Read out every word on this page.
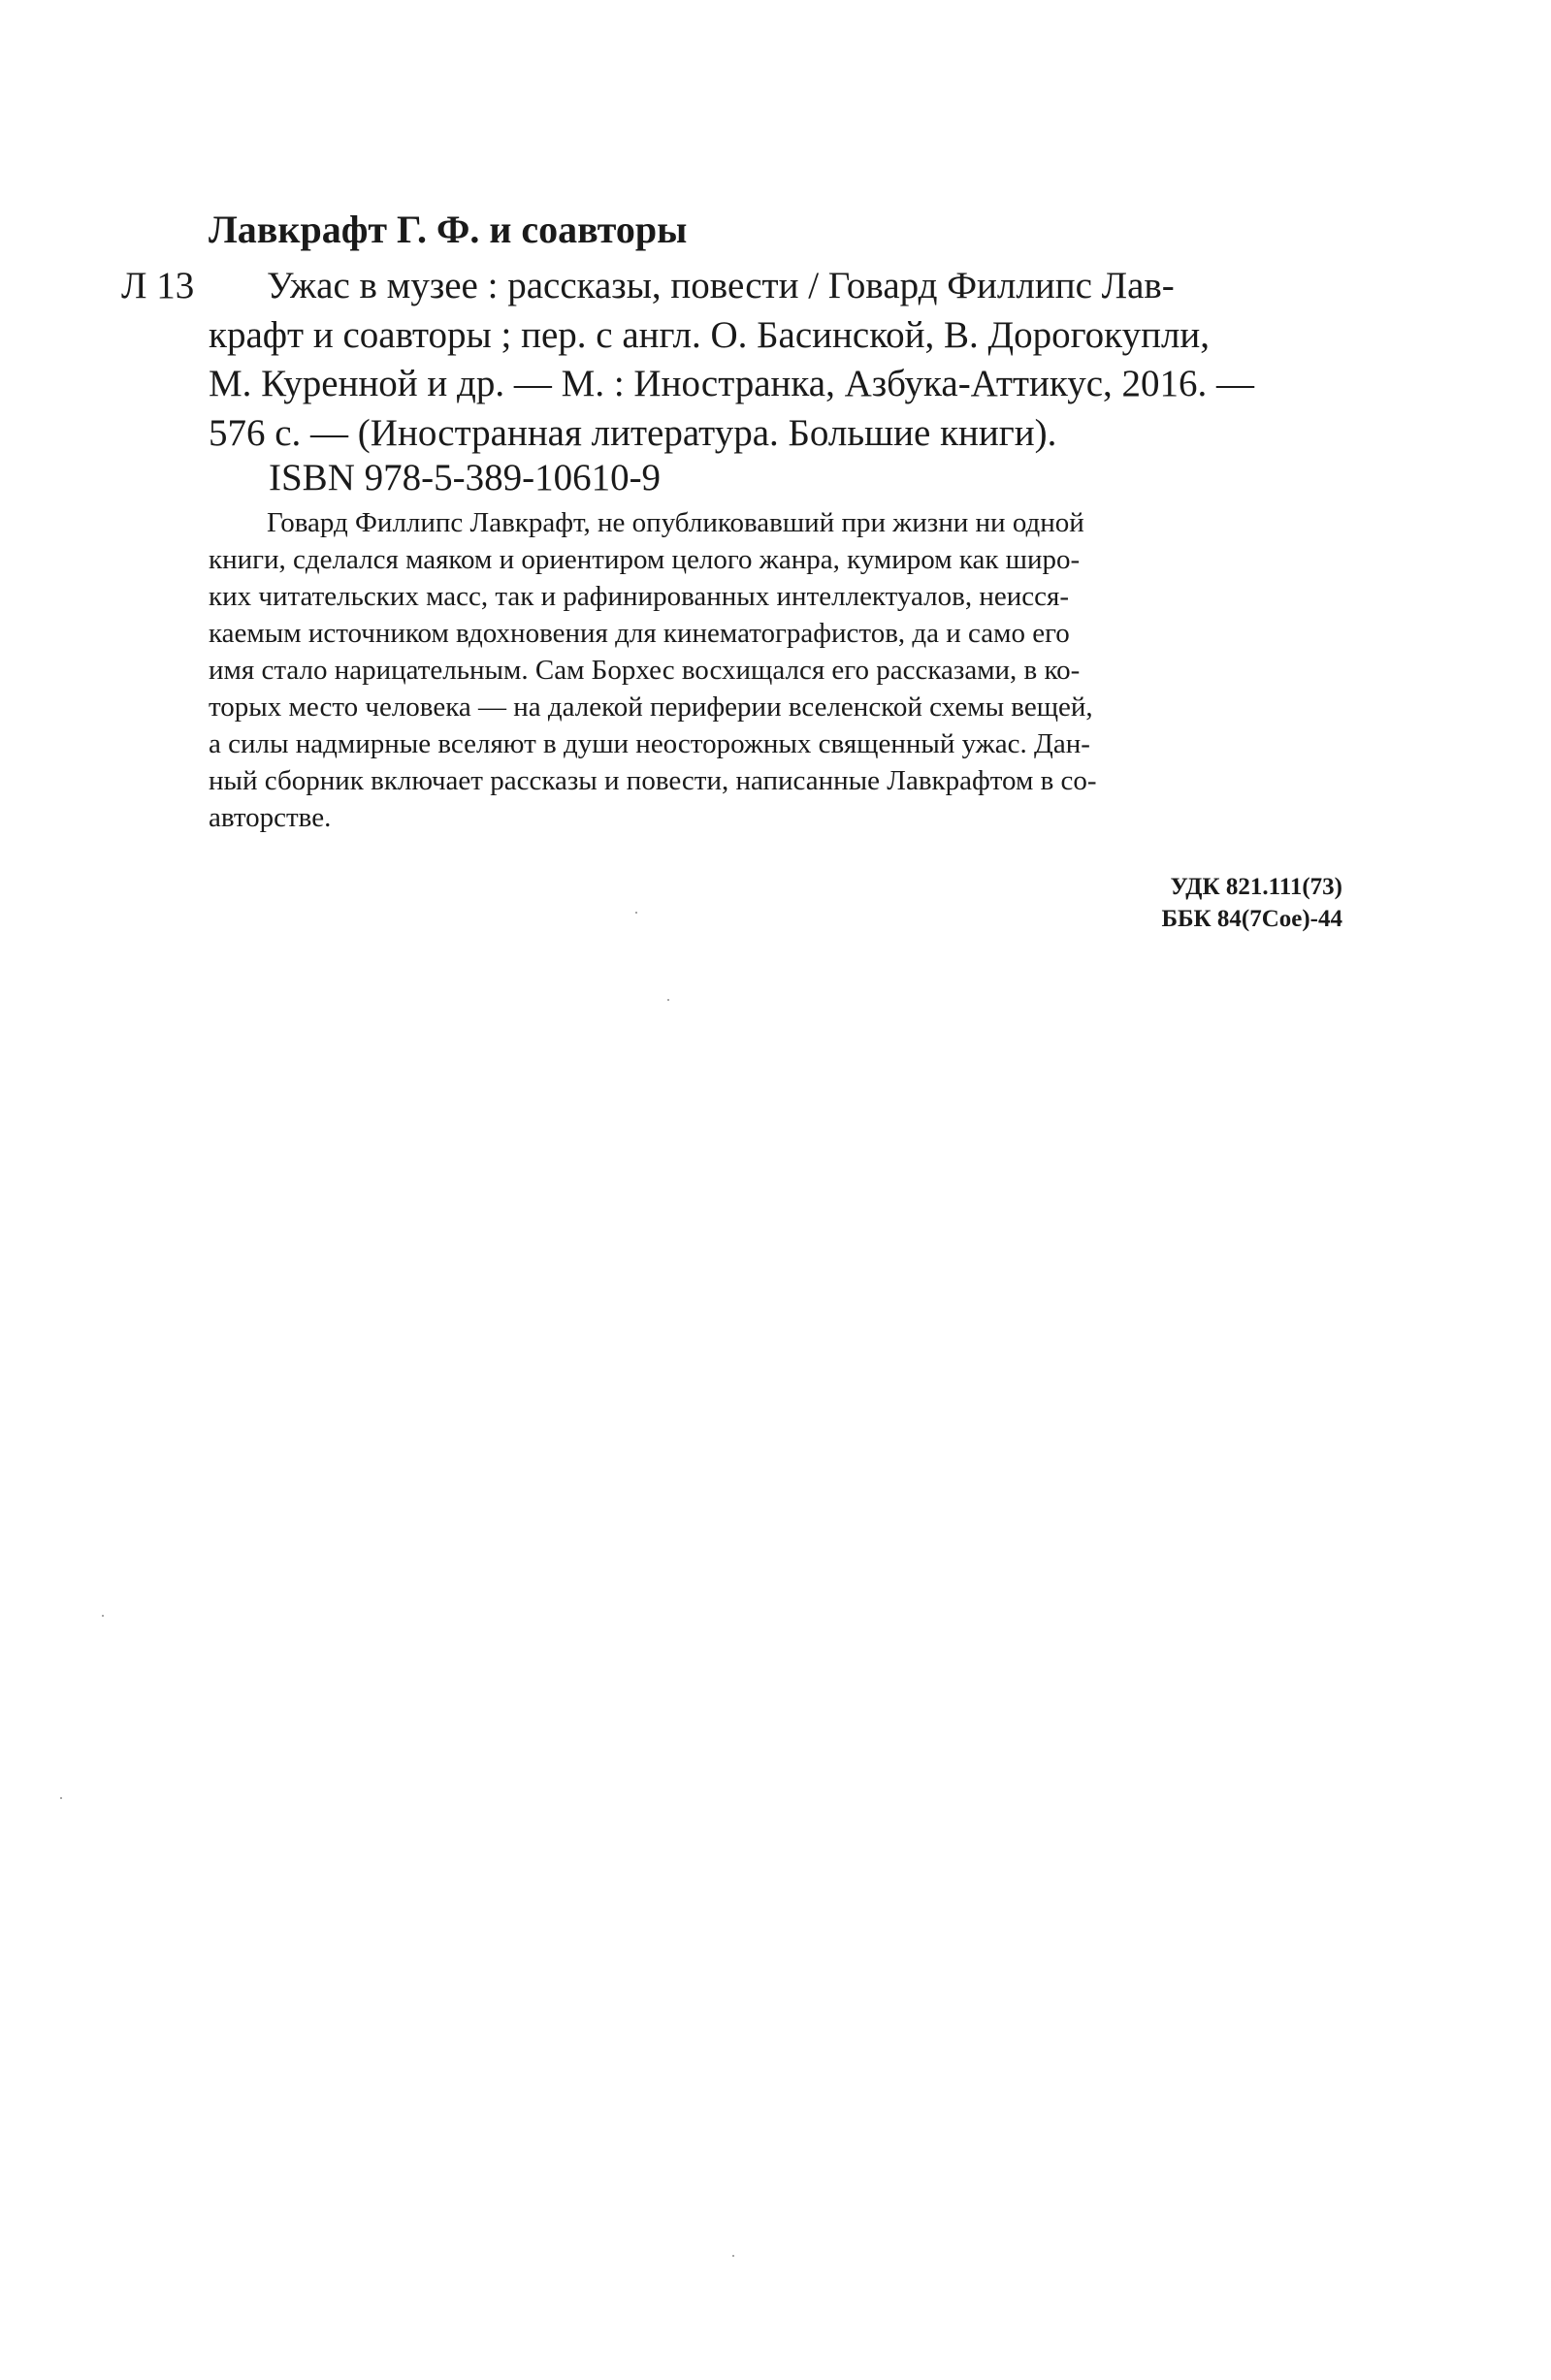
Лавкрафт Г. Ф. и соавторы
Л 13	Ужас в музее : рассказы, повести / Говард Филлипс Лав-
крафт и соавторы ; пер. с англ. О. Басинской, В. Дорогокупли,
М. Куренной и др. — М. : Иностранка, Азбука-Аттикус, 2016. —
576 с. — (Иностранная литература. Большие книги).
ISBN 978-5-389-10610-9
Говард Филлипс Лавкрафт, не опубликовавший при жизни ни одной
книги, сделался маяком и ориентиром целого жанра, кумиром как широ-
ких читательских масс, так и рафинированных интеллектуалов, неисся-
каемым источником вдохновения для кинематографистов, да и само его
имя стало нарицательным. Сам Борхес восхищался его рассказами, в ко-
торых место человека — на далекой периферии вселенской схемы вещей,
а силы надмирные вселяют в души неосторожных священный ужас. Дан-
ный сборник включает рассказы и повести, написанные Лавкрафтом в со-
авторстве.
УДК 821.111(73)
ББК 84(7Сое)-44
